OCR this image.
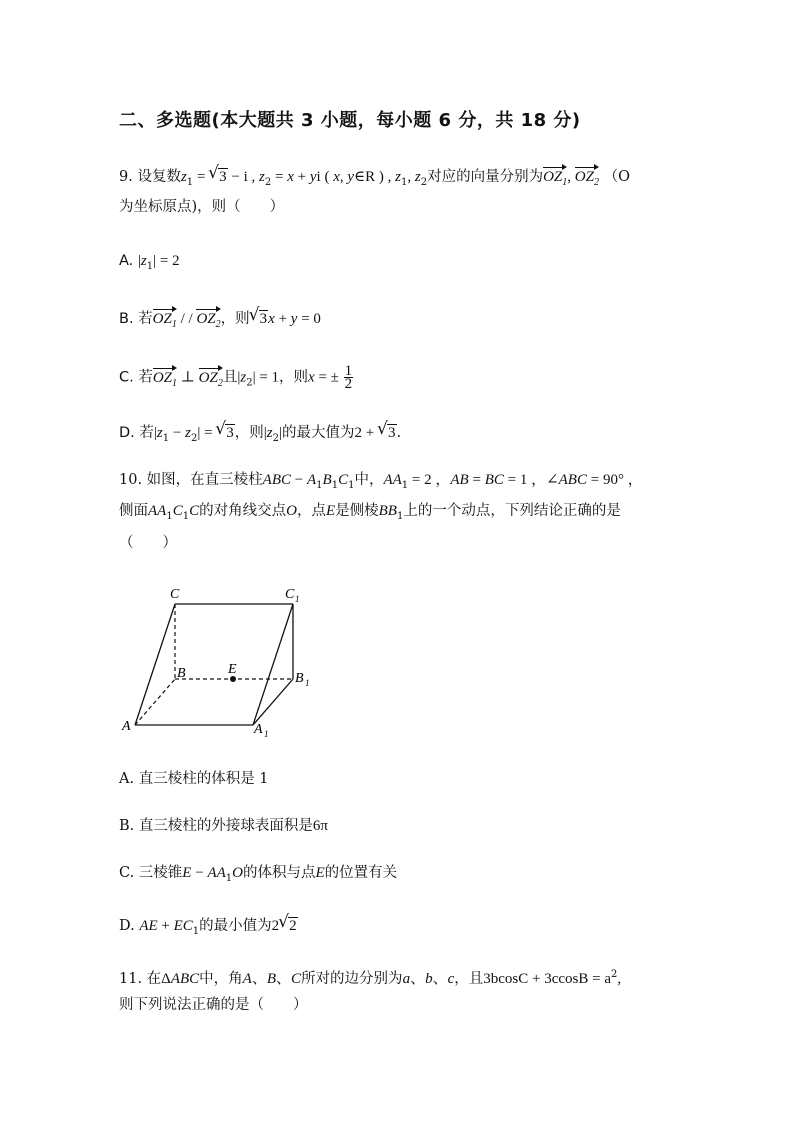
二、多选题(本大题共 3 小题，每小题 6 分，共 18 分)
9. 设复数$z_1$ = √ 3 − i , $z_2 = x$ + yi ( x, y∈R ) , $z_1$, $z_2$对应的向量分别为$OZ_1$, $OZ_2$ （O
为坐标原点)，则（　　）
A. $|z_1| = 2$
B. 若$OZ_1$ / / $OZ_2$，则 √ 3x + y = 0
C. 若$OZ_1$ ⊥ $OZ_2$且$|z_2| = 1$，则x = ± $\frac{1}{2}$
D. 若$|z_1 - z_2|$ = √ 3，则$|z_2|$的最大值为2 + √ 3.
10. 如图，在直三棱柱ABC − $A_1B_1C_1$中，$AA_1 = 2$ ，AB = BC = 1 ，∠ABC = 90° ，
侧面$AA_1C_1C$的对角线交点O，点E是侧棱$BB_1$上的一个动点，下列结论正确的是
（　　）
C	C 1
B	E
B 1
A	A 1
A. 直三棱柱的体积是 1
B. 直三棱柱的外接球表面积是6π
C. 三棱锥$E - AA_1O$的体积与点E的位置有关
D. AE + $EC_1$的最小值为2 √ 2
11. 在ΔABC中，角A、B、C所对的边分别为a、b、c，且$3bcosC + 3ccosB = a^2$,
则下列说法正确的是（　　）
